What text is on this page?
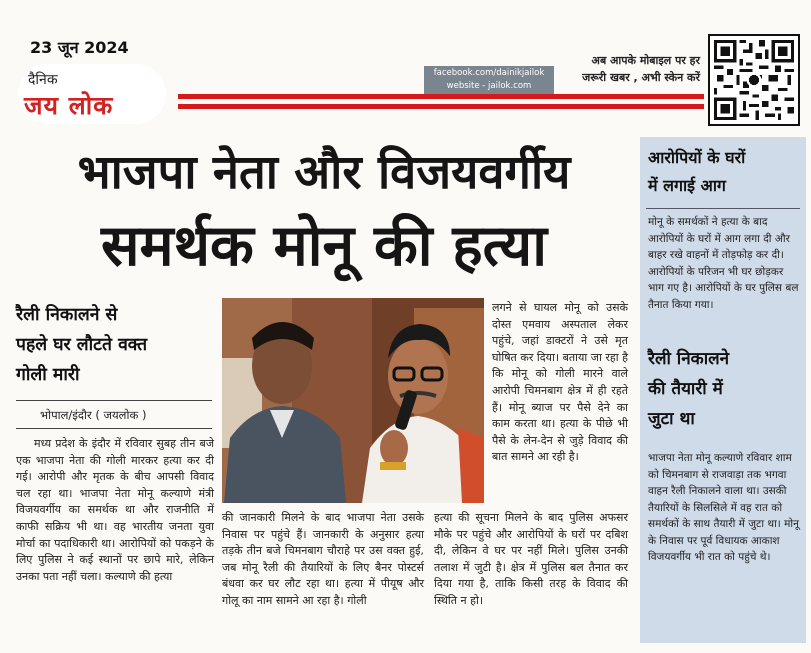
23 जून 2024
दैनिक
जय लोक
facebook.com/dainikjailok
website - jailok.com
अब आपके मोबाइल पर हर
जरूरी खबर , अभी स्केन करें
भाजपा नेता और विजयवर्गीय
समर्थक मोनू की हत्या
रैली निकालने से
पहले घर लौटते वक्त
गोली मारी
भोपाल/इंदौर ( जयलोक )
मध्य प्रदेश के इंदौर में रविवार सुबह तीन बजे एक भाजपा नेता की गोली मारकर हत्या कर दी गई। आरोपी और मृतक के बीच आपसी विवाद चल रहा था। भाजपा नेता मोनू कल्याणे मंत्री विजयवर्गीय का समर्थक था और राजनीति में काफी सक्रिय भी था। वह भारतीय जनता युवा मोर्चा का पदाधिकारी था। आरोपियों को पकड़ने के लिए पुलिस ने कई स्थानों पर छापे मारे, लेकिन उनका पता नहीं चला। कल्याणे की हत्या
की जानकारी मिलने के बाद भाजपा नेता उसके निवास पर पहुंचे हैं। जानकारी के अनुसार हत्या तड़के तीन बजे चिमनबाग चौराहे पर उस वक्त हुई, जब मोनू रैली की तैयारियों के लिए बैनर पोस्टर्स बंधवा कर घर लौट रहा था। हत्या में पीयूष और गोलू का नाम सामने आ रहा है। गोली
लगने से घायल मोनू को उसके दोस्त एमवाय अस्पताल लेकर पहुंचे, जहां डाक्टरों ने उसे मृत घोषित कर दिया। बताया जा रहा है कि मोनू को गोली मारने वाले आरोपी चिमनबाग क्षेत्र में ही रहते हैं। मोनू ब्याज पर पैसे देने का काम करता था। हत्या के पीछे भी पैसे के लेन-देन से जुड़े विवाद की बात सामने आ रही है।
हत्या की सूचना मिलने के बाद पुलिस अफसर मौके पर पहुंचे और आरोपियों के घरों पर दबिश दी, लेकिन वे घर पर नहीं मिले। पुलिस उनकी तलाश में जुटी है। क्षेत्र में पुलिस बल तैनात कर दिया गया है, ताकि किसी तरह के विवाद की स्थिति न हो।
आरोपियों के घरों
में लगाई आग
मोनू के समर्थकों ने हत्या के बाद आरोपियों के घरों में आग लगा दी और बाहर रखे वाहनों में तोड़फोड़ कर दी। आरोपियों के परिजन भी घर छोड़कर भाग गए है। आरोपियों के घर पुलिस बल तैनात किया गया।
रैली निकालने
की तैयारी में
जुटा था
भाजपा नेता मोनू कल्याणे रविवार शाम को चिमनबाग से राजवाड़ा तक भगवा वाहन रैली निकालने वाला था। उसकी तैयारियों के सिलसिले में वह रात को समर्थकों के साथ तैयारी में जुटा था। मोनू के निवास पर पूर्व विधायक आकाश विजयवर्गीय भी रात को पहुंचे थे।
